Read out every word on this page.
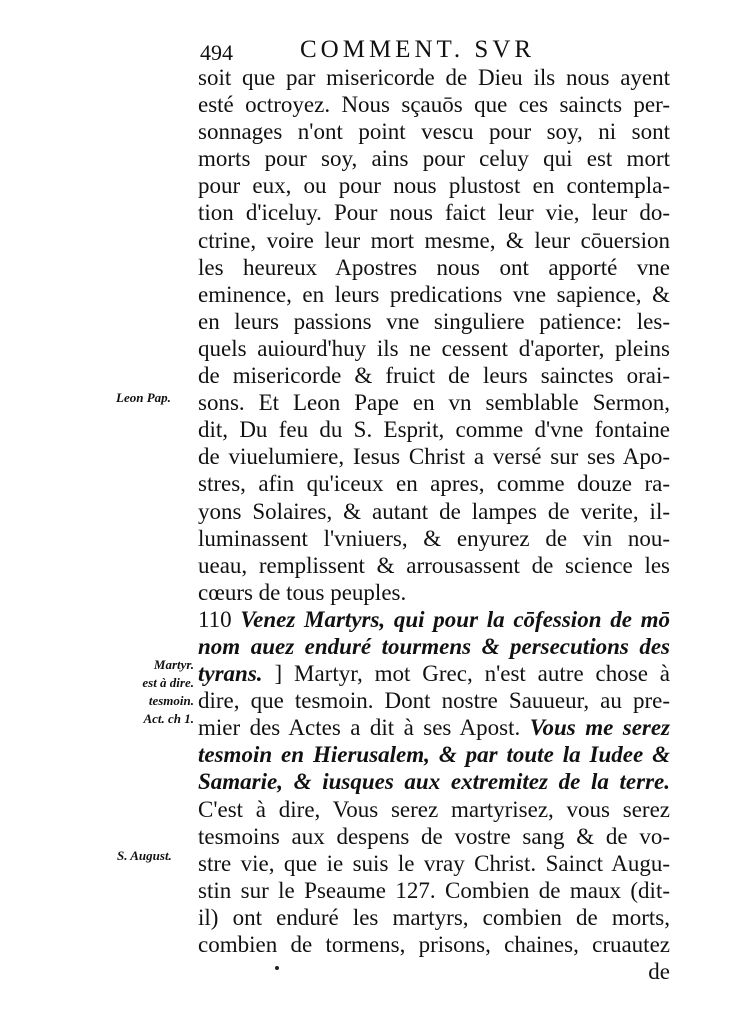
494	COMMENT. SVR
soit que par misericorde de Dieu ils nous ayent
esté octroyez. Nous sçauōs que ces saincts per-
sonnages n'ont point vescu pour soy, ni sont
morts pour soy, ains pour celuy qui est mort
pour eux, ou pour nous plustost en contempla-
tion d'iceluy. Pour nous faict leur vie, leur do-
ctrine, voire leur mort mesme, & leur cōuersion
les heureux Apostres nous ont apporté vne
eminence, en leurs predications vne sapience, &
en leurs passions vne singuliere patience: les-
quels auiourd'huy ils ne cessent d'aporter, pleins
de misericorde & fruict de leurs sainctes orai-
sons. Et Leon Pape en vn semblable Sermon,
dit, Du feu du S. Esprit, comme d'vne fontaine
de viuelumiere, Iesus Christ a versé sur ses Apo-
stres, afin qu'iceux en apres, comme douze ra-
yons Solaires, & autant de lampes de verite, il-
luminassent l'vniuers, & enyurez de vin nou-
ueau, remplissent & arrousassent de science les
cœurs de tous peuples.
110 Venez Martyrs, qui pour la cōfession de mō
nom auez enduré tourmens & persecutions des
tyrans. ] Martyr, mot Grec, n'est autre chose à
dire, que tesmoin. Dont nostre Sauueur, au pre-
mier des Actes a dit à ses Apost. Vous me serez
tesmoin en Hierusalem, & par toute la Iudee &
Samarie, & iusques aux extremitez de la terre.
C'est à dire, Vous serez martyrisez, vous serez
tesmoins aux despens de vostre sang & de vo-
stre vie, que ie suis le vray Christ. Sainct Augu-
stin sur le Pseaume 127. Combien de maux (dit-
il) ont enduré les martyrs, combien de morts,
combien de tormens, prisons, chaines, cruautez
de
Leon Pap.
Martyr.
est à dire.
tesmoin.
Act. ch 1.
S. August.
